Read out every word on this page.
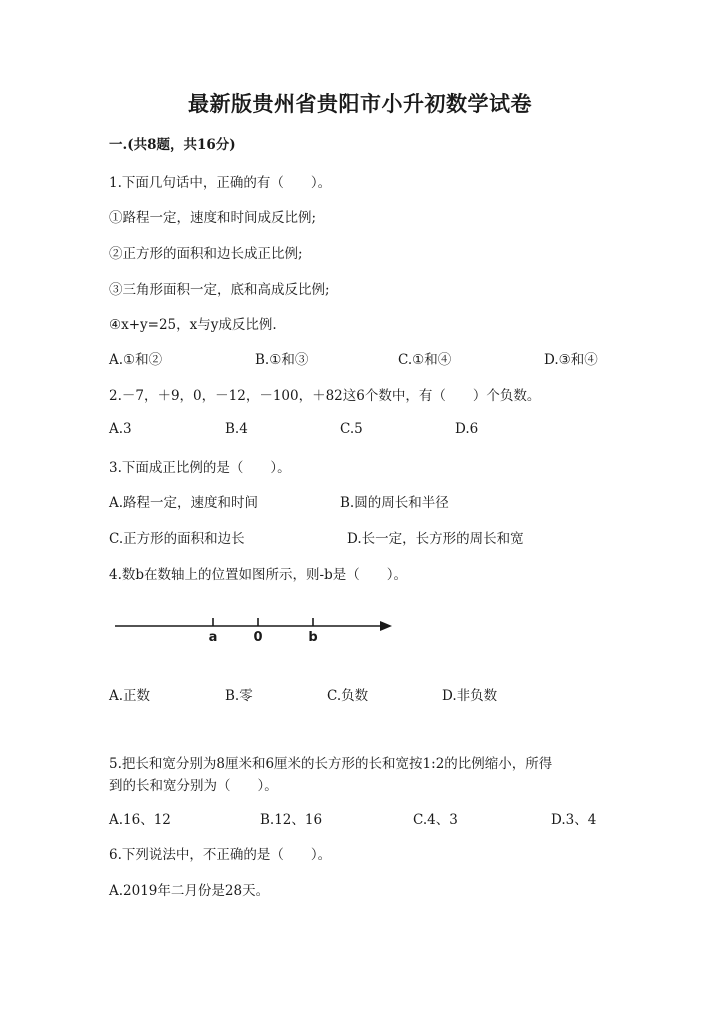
最新版贵州省贵阳市小升初数学试卷
一.(共8题，共16分)
1.下面几句话中，正确的有（　　）。
①路程一定，速度和时间成反比例;
②正方形的面积和边长成正比例;
③三角形面积一定，底和高成反比例;
④x+y=25，x与y成反比例.
A.①和②	B.①和③	C.①和④	D.③和④
2.－7，＋9，0，－12，－100，＋82这6个数中，有（　　）个负数。
A.3	B.4	C.5	D.6
3.下面成正比例的是（　　）。
A.路程一定，速度和时间	B.圆的周长和半径
C.正方形的面积和边长	D.长一定，长方形的周长和宽
4.数b在数轴上的位置如图所示，则-b是（　　）。
a	0	b
A.正数	B.零	C.负数	D.非负数
5.把长和宽分别为8厘米和6厘米的长方形的长和宽按1:2的比例缩小，所得
到的长和宽分别为（　　）。
A.16、12	B.12、16	C.4、3	D.3、4
6.下列说法中，不正确的是（　　）。
A.2019年二月份是28天。
